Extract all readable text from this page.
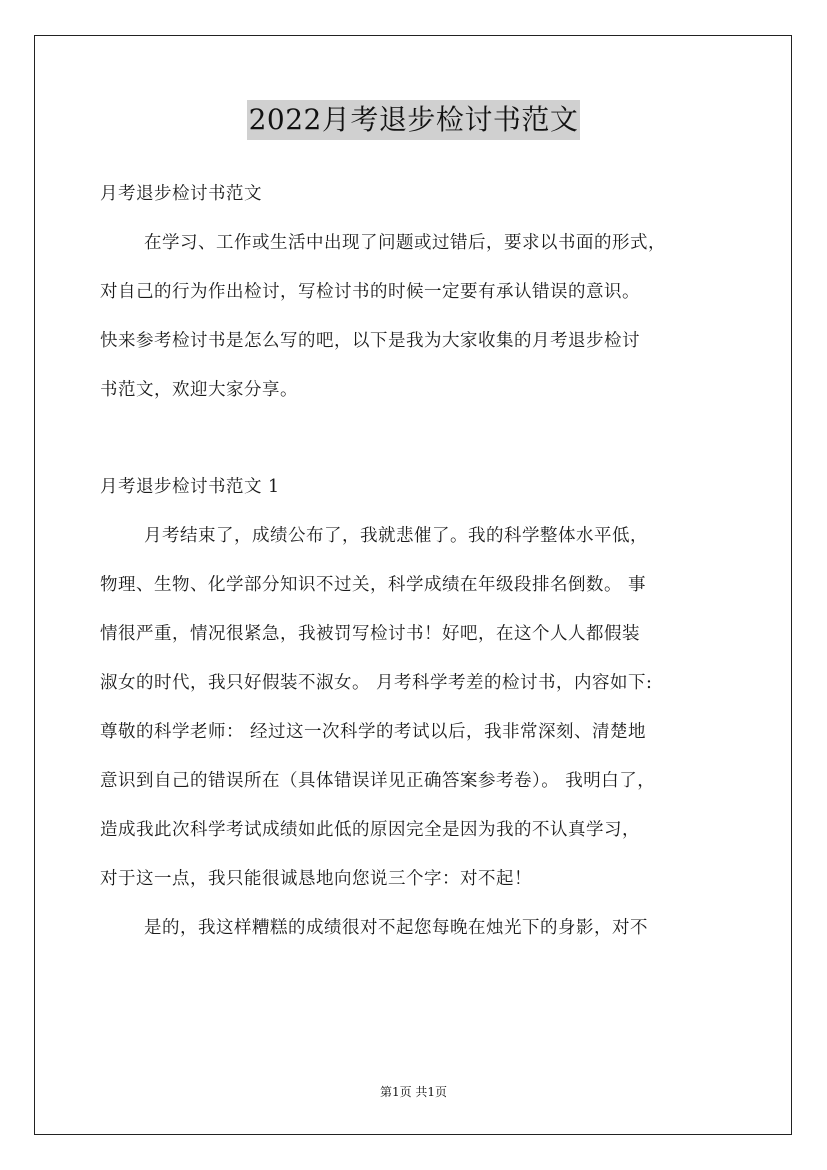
2022月考退步检讨书范文
月考退步检讨书范文
在学习、工作或生活中出现了问题或过错后，要求以书面的形式，
对自己的行为作出检讨，写检讨书的时候一定要有承认错误的意识。
快来参考检讨书是怎么写的吧，以下是我为大家收集的月考退步检讨
书范文，欢迎大家分享。
月考退步检讨书范文 1
月考结束了，成绩公布了，我就悲催了。我的科学整体水平低，
物理、生物、化学部分知识不过关，科学成绩在年级段排名倒数。 事
情很严重，情况很紧急，我被罚写检讨书！好吧，在这个人人都假装
淑女的时代，我只好假装不淑女。 月考科学考差的检讨书，内容如下:
尊敬的科学老师： 经过这一次科学的考试以后，我非常深刻、清楚地
意识到自己的错误所在（具体错误详见正确答案参考卷）。 我明白了，
造成我此次科学考试成绩如此低的原因完全是因为我的不认真学习，
对于这一点，我只能很诚恳地向您说三个字：对不起！
是的，我这样糟糕的成绩很对不起您每晚在烛光下的身影，对不
第1页 共1页
